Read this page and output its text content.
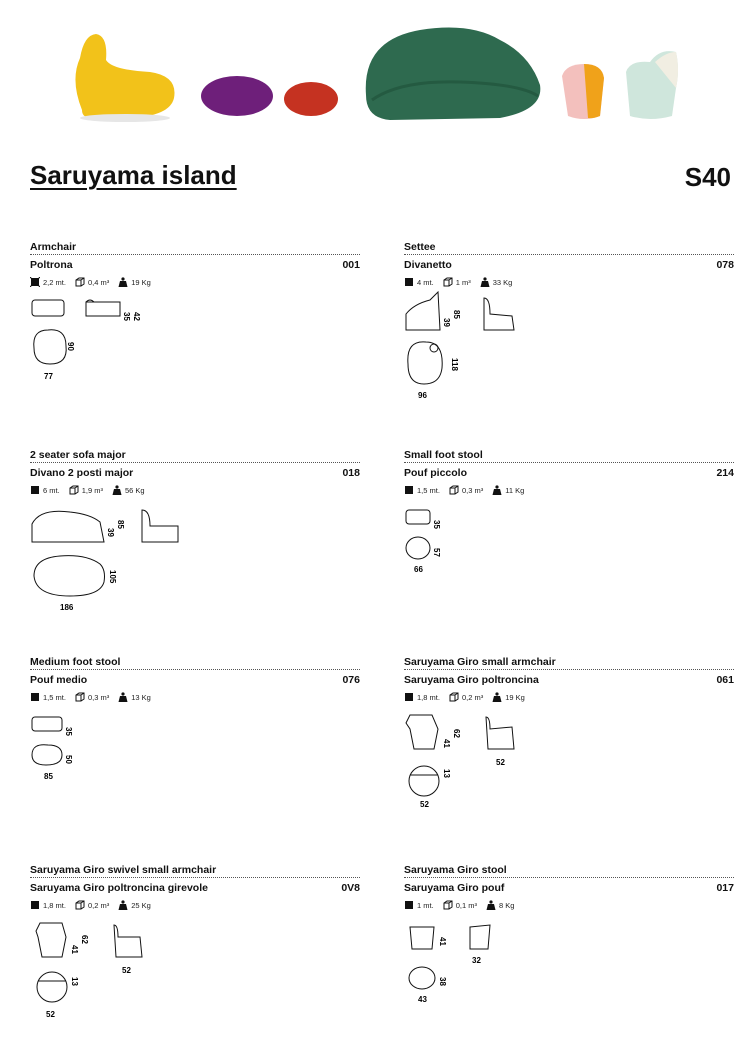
Saruyama island	S40
Armchair
Poltrona	001
2,2
mt.	0,4
m³	19
Kg
35 42
90
77
Settee
Divanetto	078
4
mt.	1
m³	33
Kg
39
85
118
96
2 seater sofa major
Divano 2 posti major	018
6
mt.	1,9
m³	56
Kg
39
85
105
186
Small foot stool
Pouf piccolo	214
1,5
mt.	0,3
m³	11
Kg
35
57
66
Medium foot stool
Pouf medio	076
1,5
mt.	0,3
m³	13
Kg
35
50
85
Saruyama Giro small armchair
Saruyama Giro poltroncina	061
1,8
mt.	0,2
m³	19
Kg
41
62
52
13
52
Saruyama Giro swivel small armchair
Saruyama Giro poltroncina girevole	0V8
1,8
mt.	0,2
m³	25
Kg
41
62
52
13
52
Saruyama Giro stool
Saruyama Giro pouf	017
1
mt.	0,1
m³	8
Kg
41
32
38
43
